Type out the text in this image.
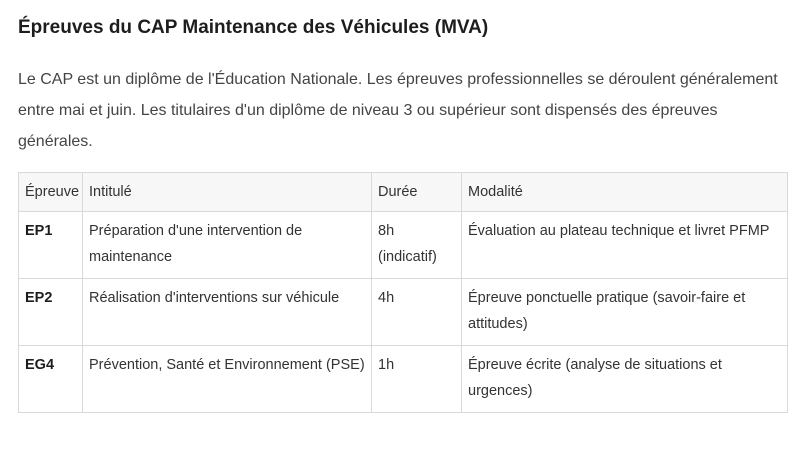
Épreuves du CAP Maintenance des Véhicules (MVA)

Le CAP est un diplôme de l'Éducation Nationale. Les épreuves professionnelles se déroulent généralement entre mai et juin. Les titulaires d'un diplôme de niveau 3 ou supérieur sont dispensés des épreuves générales.

Épreuve	Intitulé	Durée	Modalité
EP1	Préparation d'une intervention de maintenance	8h (indicatif)	Évaluation au plateau technique et livret PFMP
EP2	Réalisation d'interventions sur véhicule	4h	Épreuve ponctuelle pratique (savoir-faire et attitudes)
EG4	Prévention, Santé et Environnement (PSE)	1h	Épreuve écrite (analyse de situations et urgences)
